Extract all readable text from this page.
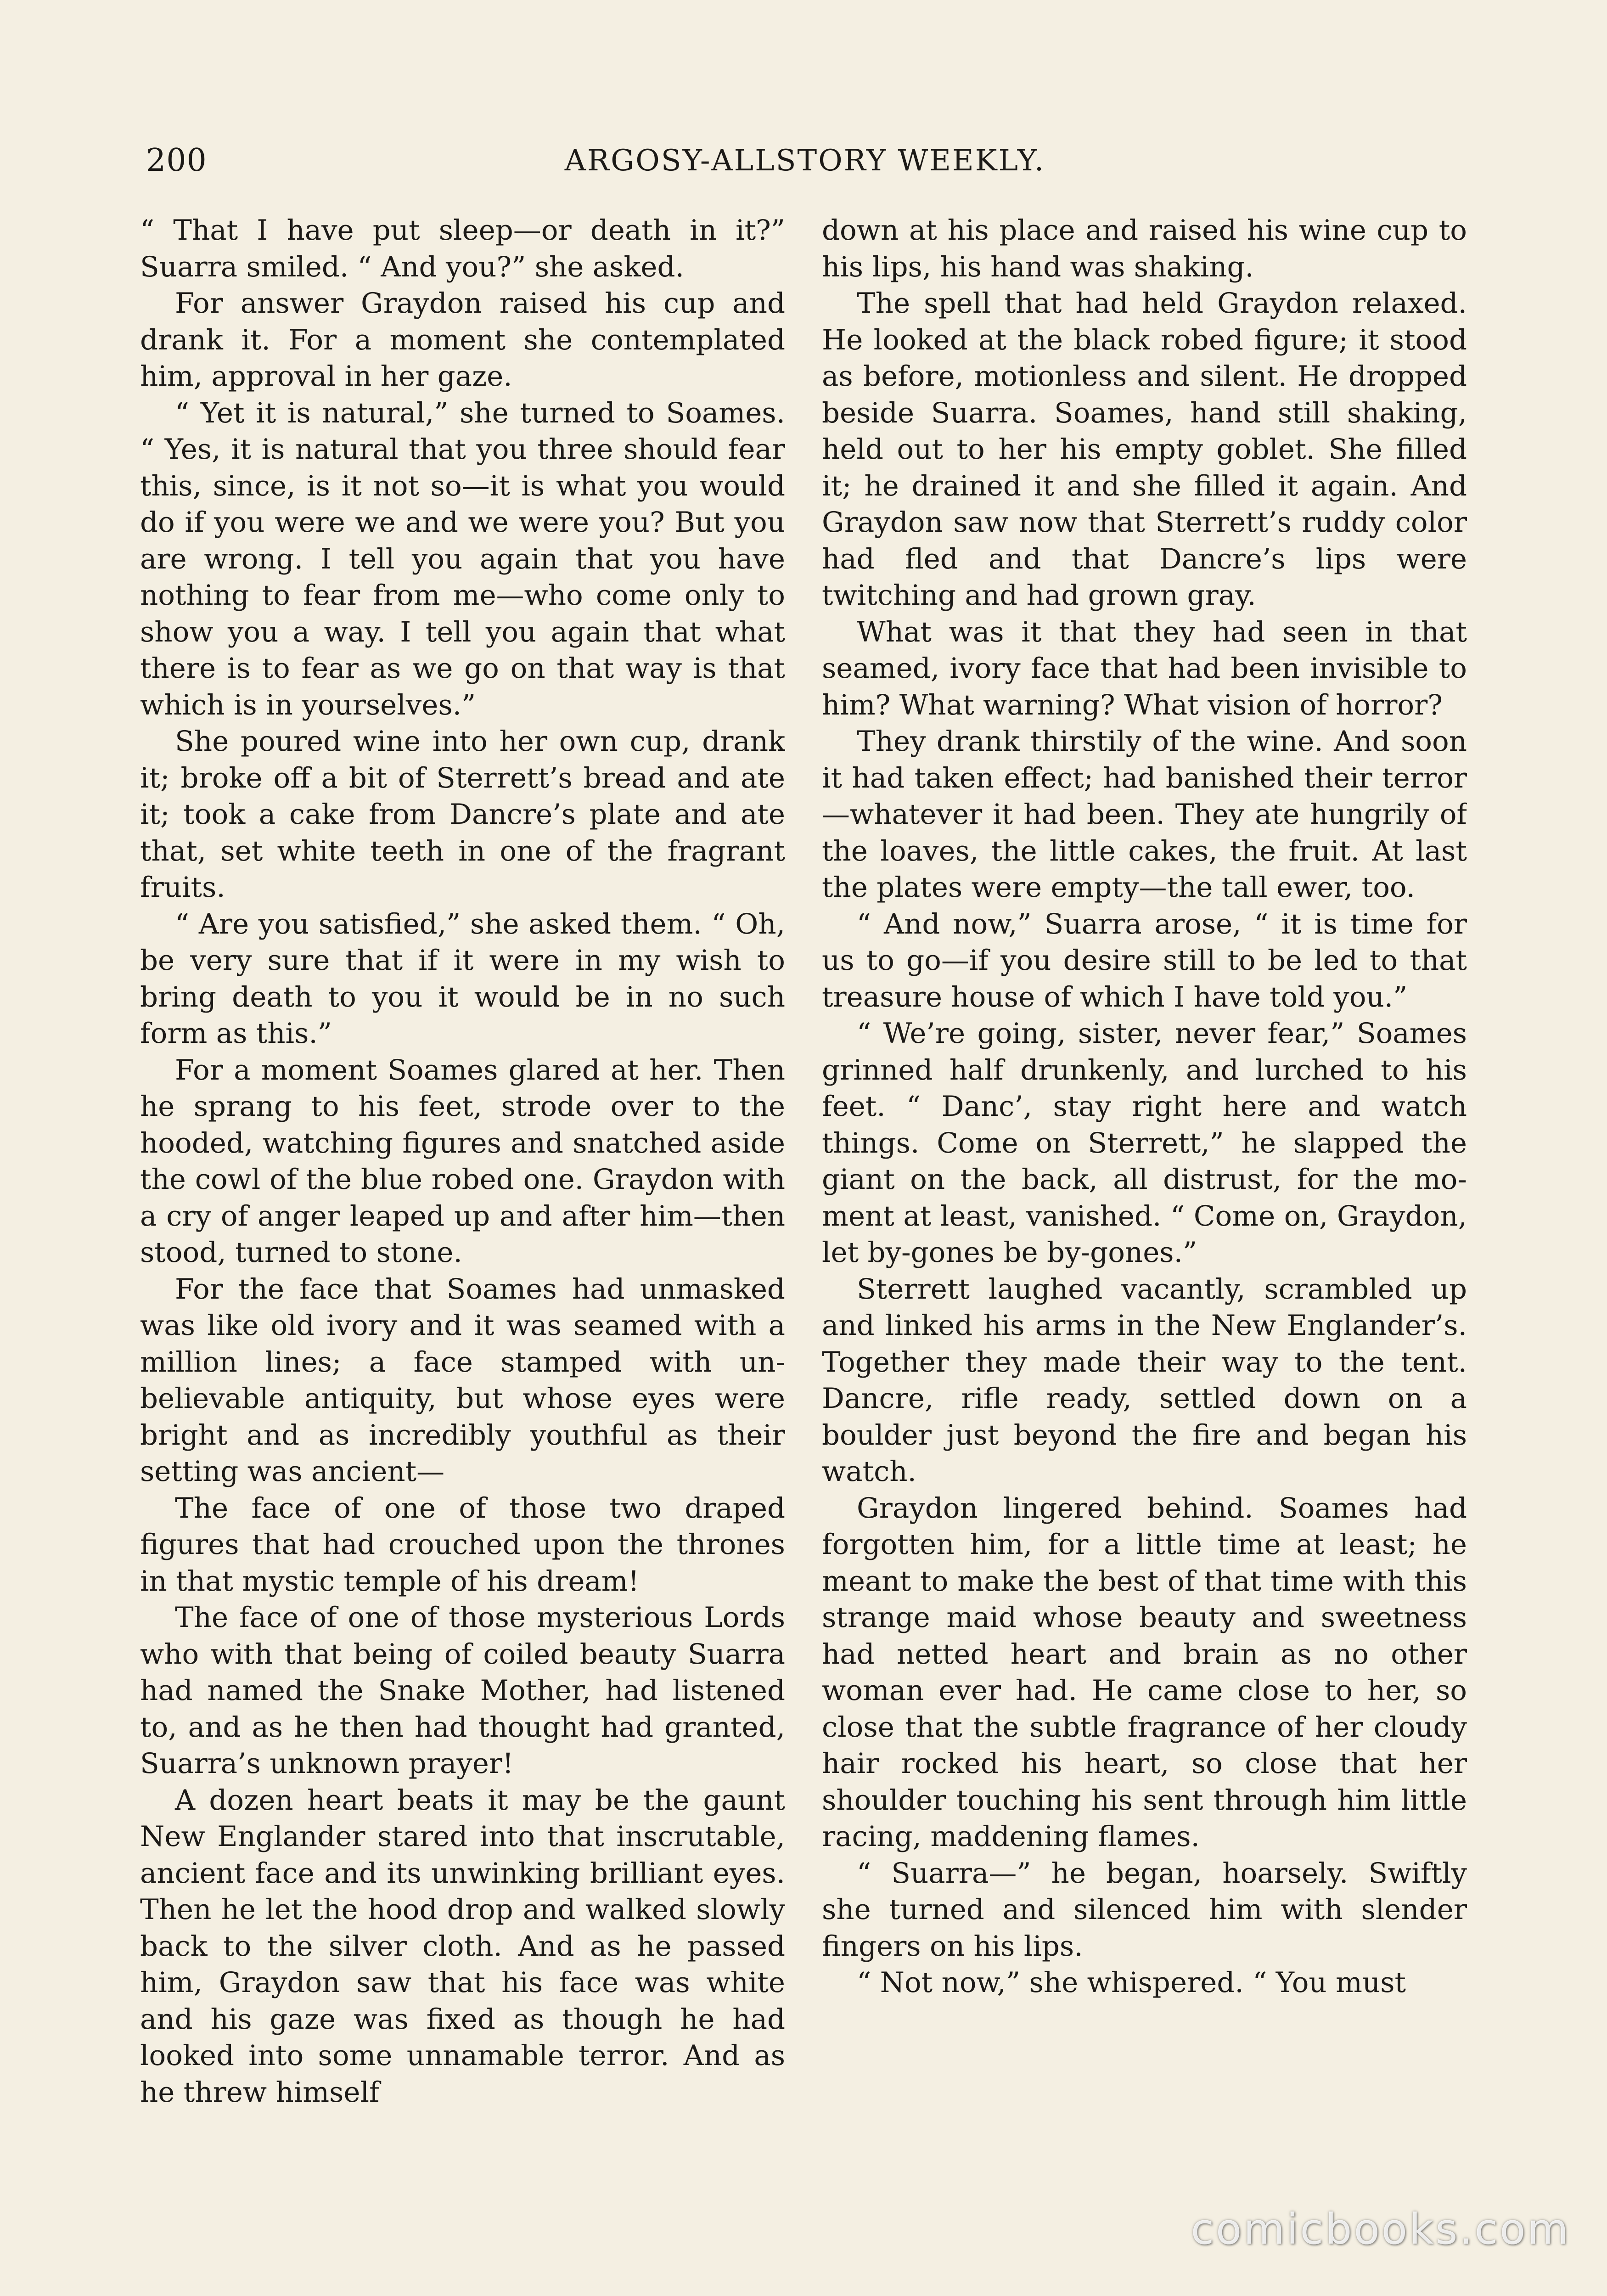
200	ARGOSY-ALLSTORY WEEKLY.

“ That I have put sleep—or death in it?” Suarra smiled. “ And you?” she asked.

For answer Graydon raised his cup and drank it. For a moment she contemplated him, approval in her gaze.

“ Yet it is natural,” she turned to Soames. “ Yes, it is natural that you three should fear this, since, is it not so—it is what you would do if you were we and we were you? But you are wrong. I tell you again that you have nothing to fear from me—who come only to show you a way. I tell you again that what there is to fear as we go on that way is that which is in yourselves.”

She poured wine into her own cup, drank it; broke off a bit of Sterrett’s bread and ate it; took a cake from Dancre’s plate and ate that, set white teeth in one of the fragrant fruits.

“ Are you satisfied,” she asked them. “ Oh, be very sure that if it were in my wish to bring death to you it would be in no such form as this.”

For a moment Soames glared at her. Then he sprang to his feet, strode over to the hooded, watching figures and snatched aside the cowl of the blue robed one. Graydon with a cry of anger leaped up and after him—then stood, turned to stone.

For the face that Soames had unmasked was like old ivory and it was seamed with a million lines; a face stamped with unbelievable antiquity, but whose eyes were bright and as incredibly youthful as their setting was ancient—

The face of one of those two draped figures that had crouched upon the thrones in that mystic temple of his dream!

The face of one of those mysterious Lords who with that being of coiled beauty Suarra had named the Snake Mother, had listened to, and as he then had thought had granted, Suarra’s unknown prayer!

A dozen heart beats it may be the gaunt New Englander stared into that inscrutable, ancient face and its unwinking brilliant eyes. Then he let the hood drop and walked slowly back to the silver cloth. And as he passed him, Graydon saw that his face was white and his gaze was fixed as though he had looked into some unnamable terror. And as he threw himself

down at his place and raised his wine cup to his lips, his hand was shaking.

The spell that had held Graydon relaxed. He looked at the black robed figure; it stood as before, motionless and silent. He dropped beside Suarra. Soames, hand still shaking, held out to her his empty goblet. She filled it; he drained it and she filled it again. And Graydon saw now that Sterrett’s ruddy color had fled and that Dancre’s lips were twitching and had grown gray.

What was it that they had seen in that seamed, ivory face that had been invisible to him? What warning? What vision of horror?

They drank thirstily of the wine. And soon it had taken effect; had banished their terror—whatever it had been. They ate hungrily of the loaves, the little cakes, the fruit. At last the plates were empty—the tall ewer, too.

“ And now,” Suarra arose, “ it is time for us to go—if you desire still to be led to that treasure house of which I have told you.”

“ We’re going, sister, never fear,” Soames grinned half drunkenly, and lurched to his feet. “ Danc’, stay right here and watch things. Come on Sterrett,” he slapped the giant on the back, all distrust, for the moment at least, vanished. “ Come on, Graydon, let by-gones be by-gones.”

Sterrett laughed vacantly, scrambled up and linked his arms in the New Englander’s. Together they made their way to the tent. Dancre, rifle ready, settled down on a boulder just beyond the fire and began his watch.

Graydon lingered behind. Soames had forgotten him, for a little time at least; he meant to make the best of that time with this strange maid whose beauty and sweetness had netted heart and brain as no other woman ever had. He came close to her, so close that the subtle fragrance of her cloudy hair rocked his heart, so close that her shoulder touching his sent through him little racing, maddening flames.

“ Suarra—” he began, hoarsely. Swiftly she turned and silenced him with slender fingers on his lips.

“ Not now,” she whispered. “ You must

comicbooks.com
